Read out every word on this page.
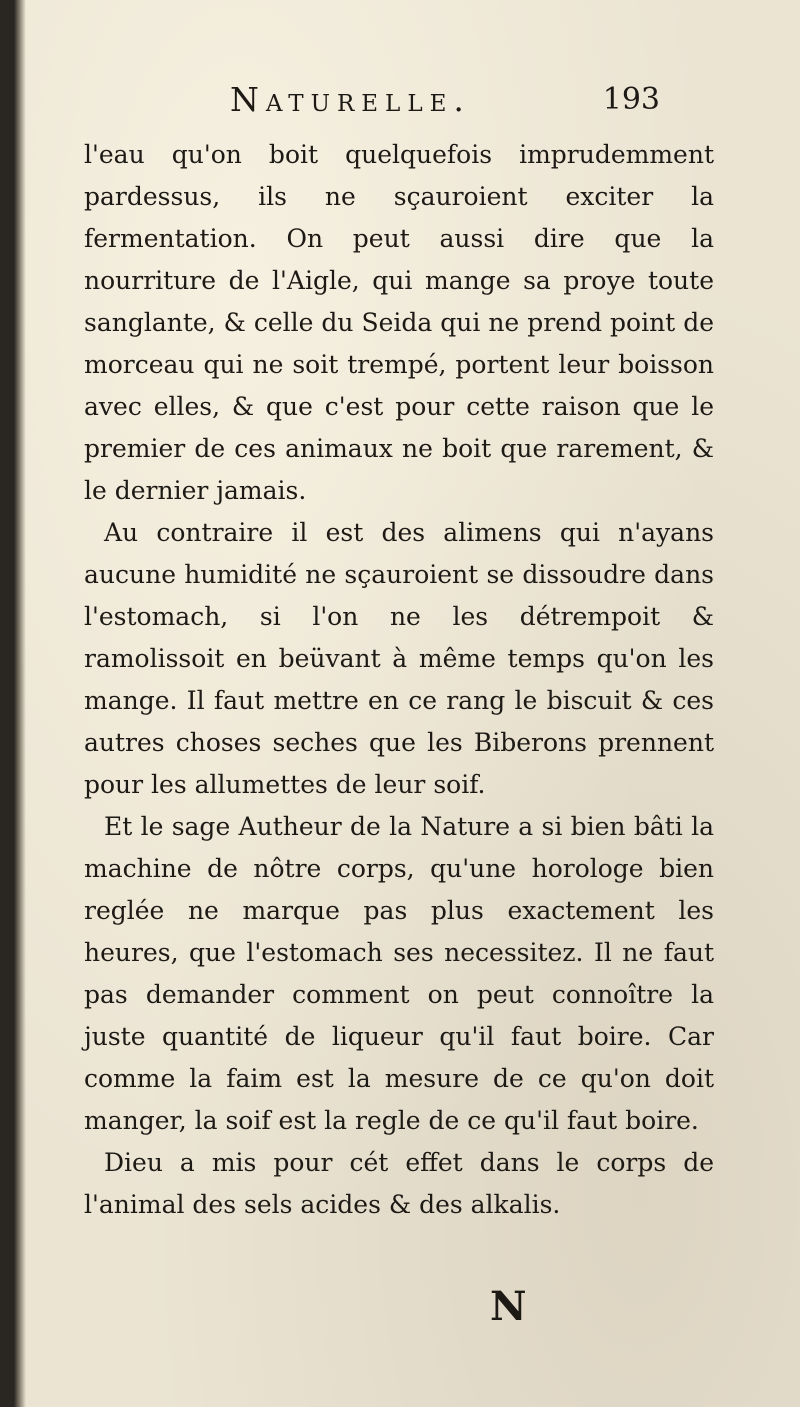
Naturelle.	193

l'eau qu'on boit quelquefois imprudemment pardessus, ils ne sçauroient exciter la fermentation. On peut aussi dire que la nourriture de l'Aigle, qui mange sa proye toute sanglante, & celle du Seida qui ne prend point de morceau qui ne soit trempé, portent leur boisson avec elles, & que c'est pour cette raison que le premier de ces animaux ne boit que rarement, & le dernier jamais.

Au contraire il est des alimens qui n'ayans aucune humidité ne sçauroient se dissoudre dans l'estomach, si l'on ne les détrempoit & ramolissoit en beüvant à même temps qu'on les mange. Il faut mettre en ce rang le biscuit & ces autres choses seches que les Biberons prennent pour les allumettes de leur soif.

Et le sage Autheur de la Nature a si bien bâti la machine de nôtre corps, qu'une horologe bien reglée ne marque pas plus exactement les heures, que l'estomach ses necessitez. Il ne faut pas demander comment on peut connoître la juste quantité de liqueur qu'il faut boire. Car comme la faim est la mesure de ce qu'on doit manger, la soif est la regle de ce qu'il faut boire.

Dieu a mis pour cét effet dans le corps de l'animal des sels acides & des alkalis.

N
